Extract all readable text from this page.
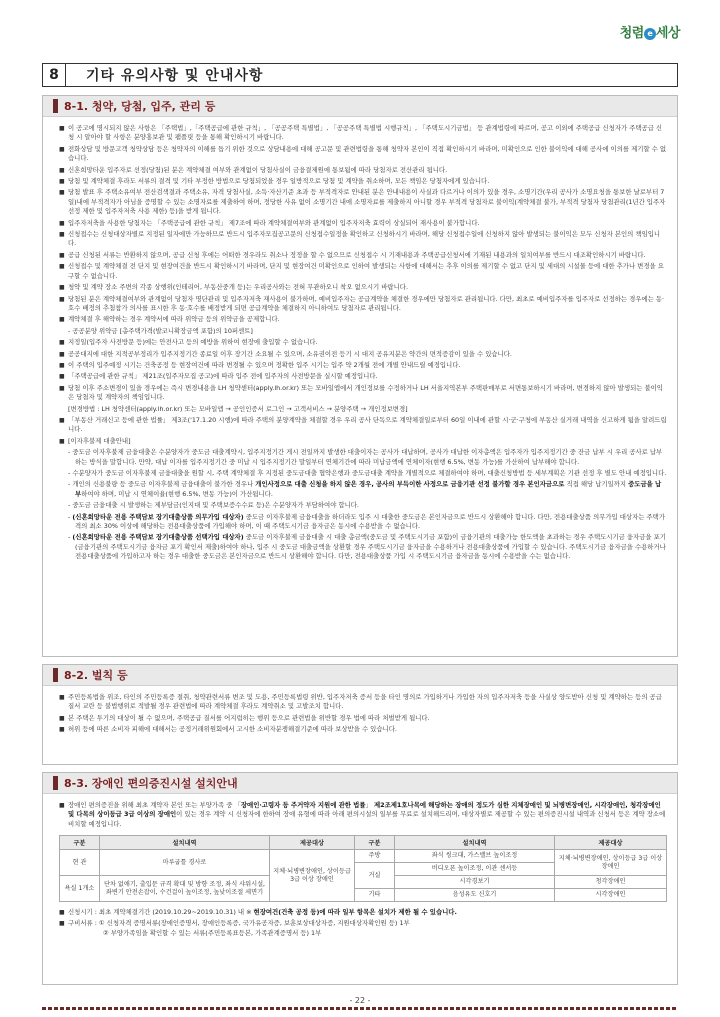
청렴 e 세상
8	기타 유의사항 및 안내사항
8-1. 청약, 당첨, 입주, 관리 등
■ 이 공고에 명시되지 않은 사항은 「주택법」,「주택공급에 관한 규칙」, 「공공주택 특별법」, 「공공주택 특별법 시행규칙」, 「주택도시기금법」 등 관계법령에 따르며, 공고 이외에 주택공급 신청자가 주택공급 신청 시 알아야 할 사항은 분양홍보관 및 팸플릿 등을 통해 확인하시기 바랍니다.
■ 전화상담 및 방문고객 청약상담 등은 청약자의 이해를 돕기 위한 것으로 상담내용에 대해 공고문 및 관련법령을 통해 청약자 본인이 직접 확인하시기 바라며, 미확인으로 인한 불이익에 대해 공사에 이의를 제기할 수 없습니다.
■ 신혼희망타운 입주자로 선정(당첨)된 분은 계약체결 여부와 관계없이 당첨사실이 금융결제원에 통보됨에 따라 당첨자로 전산관리 됩니다.
■ 당첨 및 계약체결 후라도 서류의 결격 및 기타 부정한 방법으로 당첨되었을 경우 일방적으로 당첨 및 계약을 취소하며, 모든 책임은 당첨자에게 있습니다.
■ 당첨 발표 후 주택소유여부 전산검색결과 주택소유, 자격 당첨사실, 소득·자산기준 초과 등 부적격자로 안내된 분은 안내내용이 사실과 다르거나 이의가 있을 경우, 소명기간(우리 공사가 소명요청을 통보한 날로부터 7일)내에 부적격자가 아님을 증명할 수 있는 소명자료를 제출하여 하며, 정당한 사유 없이 소명기간 내에 소명자료를 제출하지 아니할 경우 부적격 당첨자로 불이익(계약체결 불가, 부적격 당첨자 당첨관리(1년간 입주자선정 제한 및 입주자저축 사용 제한) 등)을 받게 됩니다.
■ 입주자저축을 사용한 당첨자는 「주택공급에 관한 규칙」 제7조에 따라 계약체결여부와 관계없이 입주자저축 효력이 상실되어 재사용이 불가합니다.
■ 신청접수는 신청대상자별로 지정된 일자에만 가능하므로 반드시 입주자모집공고문의 신청접수일정을 확인하고 신청하시기 바라며, 해당 신청접수일에 신청하지 않아 발생되는 불이익은 모두 신청자 본인의 책임입니다.
■ 공급 신청된 서류는 반환하지 않으며, 공급 신청 후에는 어떠한 경우라도 취소나 정정을 할 수 없으므로 신청접수 시 기재내용과 주택공급신청서에 기재된 내용과의 일치여부를 반드시 대조확인하시기 바랍니다.
■ 신청접수 및 계약체결 전 단지 및 현장여건을 반드시 확인하시기 바라며, 단지 및 현장여건 미확인으로 인하여 발생되는 사항에 대해서는 추후 이의를 제기할 수 없고 단지 및 세대의 시설물 등에 대한 추가나 변경을 요구할 수 없습니다.
■ 청약 및 계약 장소 주변의 각종 상행위(인테리어, 부동산중개 등)는 우리공사와는 전혀 무관하오니 착오 없으시기 바랍니다.
■ 당첨된 분은 계약체결여부와 관계없이 당첨자 명단관리 및 입주자저축 재사용이 불가하며, 예비입주자는 공급계약을 체결한 경우에만 당첨자로 관리됩니다. 다만, 최초로 예비입주자를 입주자로 선정하는 경우에는 동·호수 배정의 추첨참가 의사를 표시한 후 동·호수를 배정받게 되면 공급계약을 체결하지 아니하여도 당첨자로 관리됩니다.
■ 계약체결 후 해약하는 경우 계약서에 따라 위약금 등의 위약금을 공제합니다.
- 공공분양 위약금 [총주택가격(발코니확장금액 포함)의 10퍼센트]
■ 지정일(입주자 사전방문 등)에는 안전사고 등의 예방을 위하여 현장에 출입할 수 없습니다.
■ 공공대지에 대한 지적공부정리가 입주지정기간 종료일 이후 장기간 소요될 수 있으며, 소유권이전 등기 시 대지 공유지분은 약간의 면적증감이 있을 수 있습니다.
■ 이 주택의 입주예정 시기는 건축공정 등 현장여건에 따라 변경될 수 있으며 정확한 입주 시기는 입주 약 2개월 전에 개별 안내드릴 예정입니다.
■ 「주택공급에 관한 규칙」 제21조(입주자모집 공고)에 따라 입주 전에 입주자의 사전방문을 실시할 예정입니다.
■ 당첨 이후 주소변경이 있을 경우에는 즉시 변경내용을 LH 청약센터(apply.lh.or.kr) 또는 모바일앱에서 개인정보를 수정하거나 LH 서울지역본부 주택판매부로 서면통보하시기 바라며, 변경하지 않아 발생되는 불이익은 당첨자 및 계약자의 책임입니다.
[변경방법 : LH 청약센터(apply.lh.or.kr) 또는 모바일앱 → 공인인증서 로그인 → 고객서비스 → 분양주택 → 개인정보변경]
■ 「부동산 거래신고 등에 관한 법률」 제3조('17.1.20 시행)에 따라 주택의 분양계약을 체결할 경우 우리 공사 단독으로 계약체결일로부터 60일 이내에 관할 시·군·구청에 부동산 실거래 내역을 신고하게 됨을 알려드립니다.
■ [이자후불제 대출안내]
- 중도금 이자후불제 금융대출은 수분양자가 중도금 대출계약시, 입주지정기간 게시 전일까지 발생한 대출이자는 공사가 대납하며, 공사가 대납한 이자총액은 입주자가 입주지정기간 중 잔금 납부 시 우리 공사로 납부하는 방식을 말합니다. 만약, 대납 이자를 입주지정기간 중 미납 시 입주지정기간 말일부터 연체기간에 따라 미납금액에 연체이자(현행 6.5%, 변동 가능)를 가산하여 납부해야 합니다.
- 수분양자가 중도금 이자후불제 금융대출을 원할 시, 주택 계약체결 후 지정된 중도금대출 협약은행과 중도금대출 계약을 개별적으로 체결하여야 하며, 대출신청방법 등 세부계획은 기관 선정 후 별도 안내 예정입니다.
- 개인의 신용불량 등 중도금 이자후불제 금융대출이 불가한 경우나 개인사정으로 대출 신청을 하지 않은 경우, 공사의 부득이한 사정으로 금융기관 선정 불가할 경우 본인자금으로 직접 해당 납기일까지 중도금을 납부하여야 하며, 미납 시 연체이율(현행 6.5%, 변동 가능)이 가산됩니다.
- 중도금 금융대출 시 발생하는 제부담금(인지대 및 주택보증수수료 등)은 수분양자가 부담하여야 합니다.
- (신혼희망타운 전용 주택담보 장기대출상품 의무가입 대상자) 중도금 이자후불제 금융대출을 하더라도 입주 시 대출한 중도금은 본인자금으로 반드시 상환해야 합니다. 다만, 전용대출상품 의무가입 대상자는 주택가격의 최소 30% 이상에 해당하는 전용대출상품에 가입해야 하며, 이 때 주택도시기금 융자금은 동시에 수용받을 수 없습니다.
- (신혼희망타운 전용 주택담보 장기대출상품 선택가입 대상자) 중도금 이자후불제 금융대출 시 대출 총금액(중도금 및 주택도시기금 포함)이 금융기관의 대출가능 한도액을 초과하는 경우 주택도시기금 융자금을 포기(금융기관의 주택도시기금 융자금 포기 확인서 제출)하여야 하나, 입주 시 중도금 대출금액을 상환할 경우 주택도시기금 융자금을 수용하거나 전용대출상품에 가입할 수 있습니다. 주택도시기금 융자금을 수용하거나 전용대출상품에 가입하고자 하는 경우 대출한 중도금은 본인자금으로 반드시 상환해야 합니다. 다만, 전용대출상품 가입 시 주택도시기금 융자금을 동시에 수용받을 수는 없습니다.
8-2. 벌칙 등
■ 주민등록법을 위조, 타인의 주민등록증 절취, 청약관련서류 변조 및 도용, 주민등록법령 위반, 입주자저축 증서 등을 타인 명의로 가입하거나 가입한 자의 입주자저축 등을 사실상 양도받아 신청 및 계약하는 등의 공급질서 교란 등 불법행위로 적발될 경우 관련법에 따라 계약체결 후라도 계약취소 및 고발조치 합니다.
■ 본 주택은 투기의 대상이 될 수 없으며, 주택공급 질서를 어지럽히는 행위 등으로 관련법을 위반할 경우 법에 따라 처벌받게 됩니다.
■ 허위 등에 따른 소비자 피해에 대해서는 공정거래위원회에서 고시한 소비자분쟁해결기준에 따라 보상받을 수 있습니다.
8-3. 장애인 편의증진시설 설치안내
■ 장애인 편의증진을 위해 최초 계약자 본인 또는 부양가족 중 「장애인·고령자 등 주거약자 지원에 관한 법률」 제2조제1호나목에 해당하는 장애의 정도가 심한 지체장애인 및 뇌병변장애인, 시각장애인, 청각장애인 및 다목의 상이등급 3급 이상의 장애인이 있는 경우 계약 시 신청자에 한하여 장애 유형에 따라 아래 편의시설의 일부를 무료로 설치해드리며, 대상자별로 제공할 수 있는 편의증진시설 내역과 신청서 등은 계약 장소에 비치할 예정입니다.
구분	설치내역	제공대상	구분	설치내역	제공대상
현 관	마루굽틀 경사로	지체·뇌병변장애인, 상이등급 3급 이상 장애인	주방	좌식 씽크대, 가스밸브 높이조정	지체·뇌병변장애인, 상이등급 3급 이상 장애인
			거실	비디오폰 높이조정, 이관 센서등	
욕실 1개소	단차 없애기, 출입문 규격 확대 및 방향 조정, 좌식 샤워시설, 좌변기 안전손잡이, 수건걸이 높이조정, 높낮이조절 세면기			시각경보기	청각장애인
			기타	음성유도 신호기	시각장애인
■ 신청시기 : 최초 계약체결기간 (2019.10.29~2019.10.31) 내 ※ 현장여건(건축 공정 등)에 따라 일부 항목은 설치가 제한 될 수 있습니다.
■ 구비서류 : ① 신청자격 증명서류(장애인증명서, 장애인등록증, 국가유공자증, 보훈보상대상자증, 지원대상자확인원 등) 1부
② 부양가족임을 확인할 수 있는 서류(주민등록표등본, 가족관계증명서 등) 1부
- 22 -
